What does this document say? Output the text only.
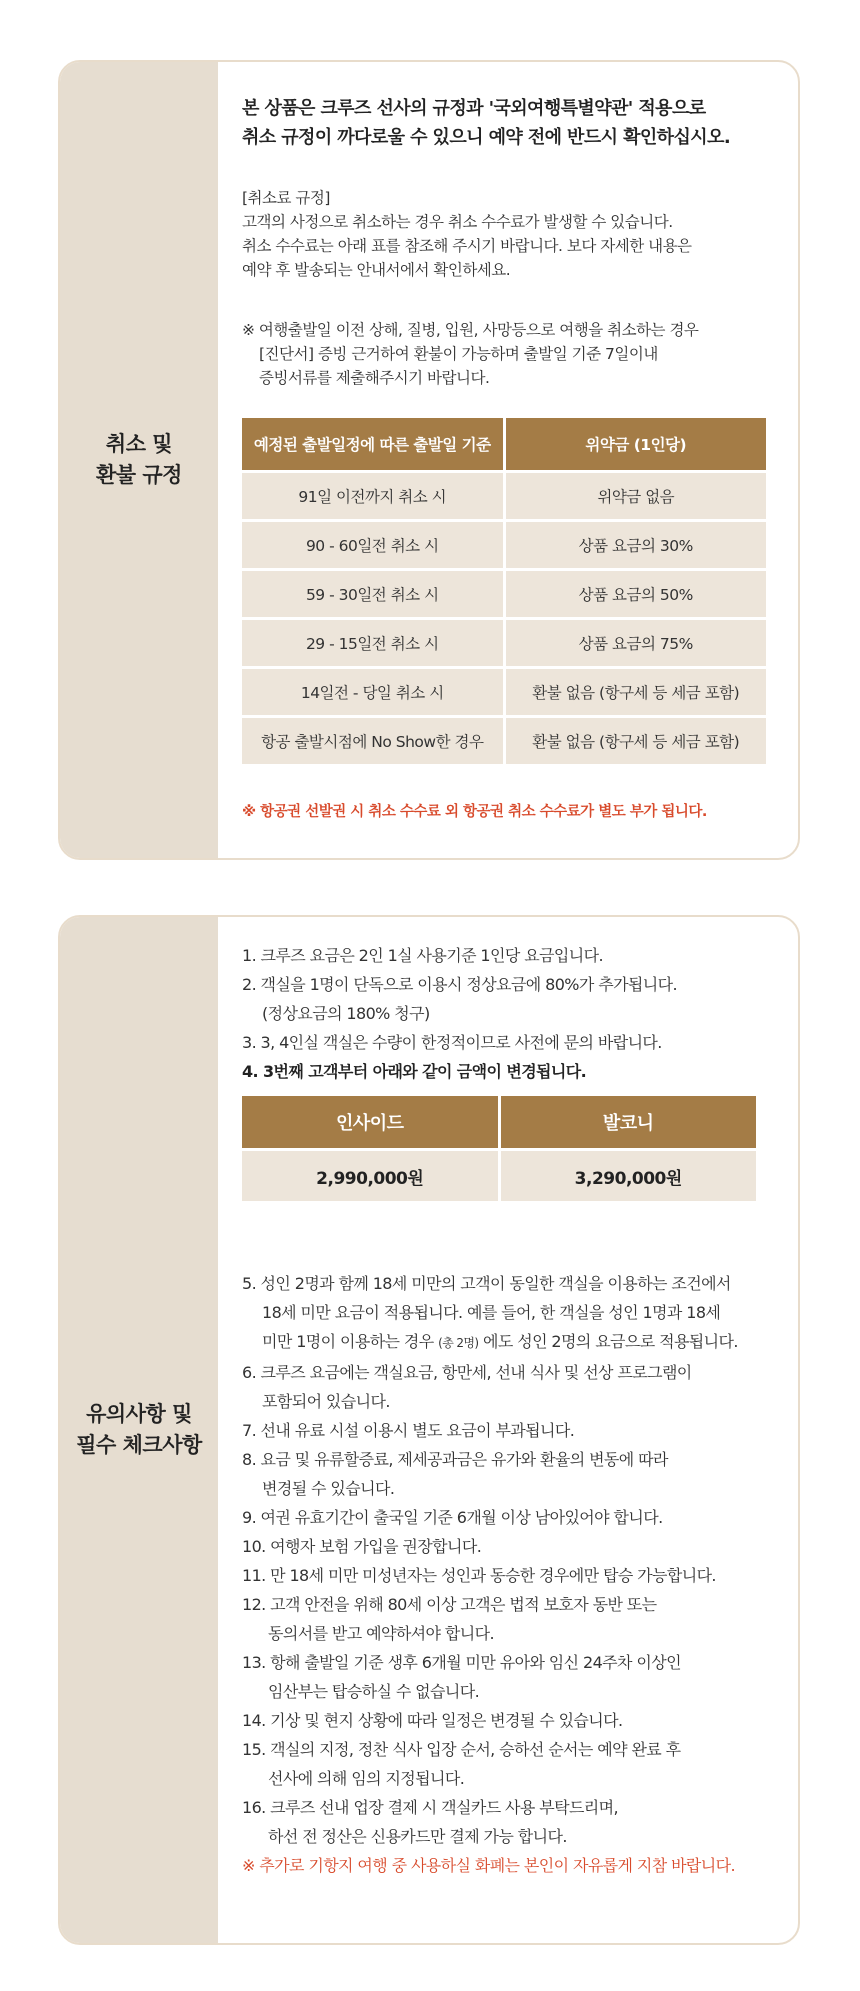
취소 및
환불 규정
본 상품은 크루즈 선사의 규정과 '국외여행특별약관' 적용으로
취소 규정이 까다로울 수 있으니 예약 전에 반드시 확인하십시오.
[취소료 규정]
고객의 사정으로 취소하는 경우 취소 수수료가 발생할 수 있습니다.
취소 수수료는 아래 표를 참조해 주시기 바랍니다. 보다 자세한 내용은
예약 후 발송되는 안내서에서 확인하세요.
※ 여행출발일 이전 상해, 질병, 입원, 사망등으로 여행을 취소하는 경우
[진단서] 증빙 근거하여 환불이 가능하며 출발일 기준 7일이내
증빙서류를 제출해주시기 바랍니다.
예정된 출발일정에 따른 출발일 기준	위약금 (1인당)
91일 이전까지 취소 시	위약금 없음
90 - 60일전 취소 시	상품 요금의 30%
59 - 30일전 취소 시	상품 요금의 50%
29 - 15일전 취소 시	상품 요금의 75%
14일전 - 당일 취소 시	환불 없음 (항구세 등 세금 포함)
항공 출발시점에 No Show한 경우	환불 없음 (항구세 등 세금 포함)
※ 항공권 선발권 시 취소 수수료 외 항공권 취소 수수료가 별도 부가 됩니다.
유의사항 및
필수 체크사항
1. 크루즈 요금은 2인 1실 사용기준 1인당 요금입니다.
2. 객실을 1명이 단독으로 이용시 정상요금에 80%가 추가됩니다.
(정상요금의 180% 청구)
3. 3, 4인실 객실은 수량이 한정적이므로 사전에 문의 바랍니다.
4. 3번째 고객부터 아래와 같이 금액이 변경됩니다.
인사이드	발코니
2,990,000원	3,290,000원
5. 성인 2명과 함께 18세 미만의 고객이 동일한 객실을 이용하는 조건에서
18세 미만 요금이 적용됩니다. 예를 들어, 한 객실을 성인 1명과 18세
미만 1명이 이용하는 경우 (총 2명) 에도 성인 2명의 요금으로 적용됩니다.
6. 크루즈 요금에는 객실요금, 항만세, 선내 식사 및 선상 프로그램이
포함되어 있습니다.
7. 선내 유료 시설 이용시 별도 요금이 부과됩니다.
8. 요금 및 유류할증료, 제세공과금은 유가와 환율의 변동에 따라
변경될 수 있습니다.
9. 여권 유효기간이 출국일 기준 6개월 이상 남아있어야 합니다.
10. 여행자 보험 가입을 권장합니다.
11. 만 18세 미만 미성년자는 성인과 동승한 경우에만 탑승 가능합니다.
12. 고객 안전을 위해 80세 이상 고객은 법적 보호자 동반 또는
동의서를 받고 예약하셔야 합니다.
13. 항해 출발일 기준 생후 6개월 미만 유아와 임신 24주차 이상인
임산부는 탑승하실 수 없습니다.
14. 기상 및 현지 상황에 따라 일정은 변경될 수 있습니다.
15. 객실의 지정, 정찬 식사 입장 순서, 승하선 순서는 예약 완료 후
선사에 의해 임의 지정됩니다.
16. 크루즈 선내 업장 결제 시 객실카드 사용 부탁드리며,
하선 전 정산은 신용카드만 결제 가능 합니다.
※ 추가로 기항지 여행 중 사용하실 화폐는 본인이 자유롭게 지참 바랍니다.
